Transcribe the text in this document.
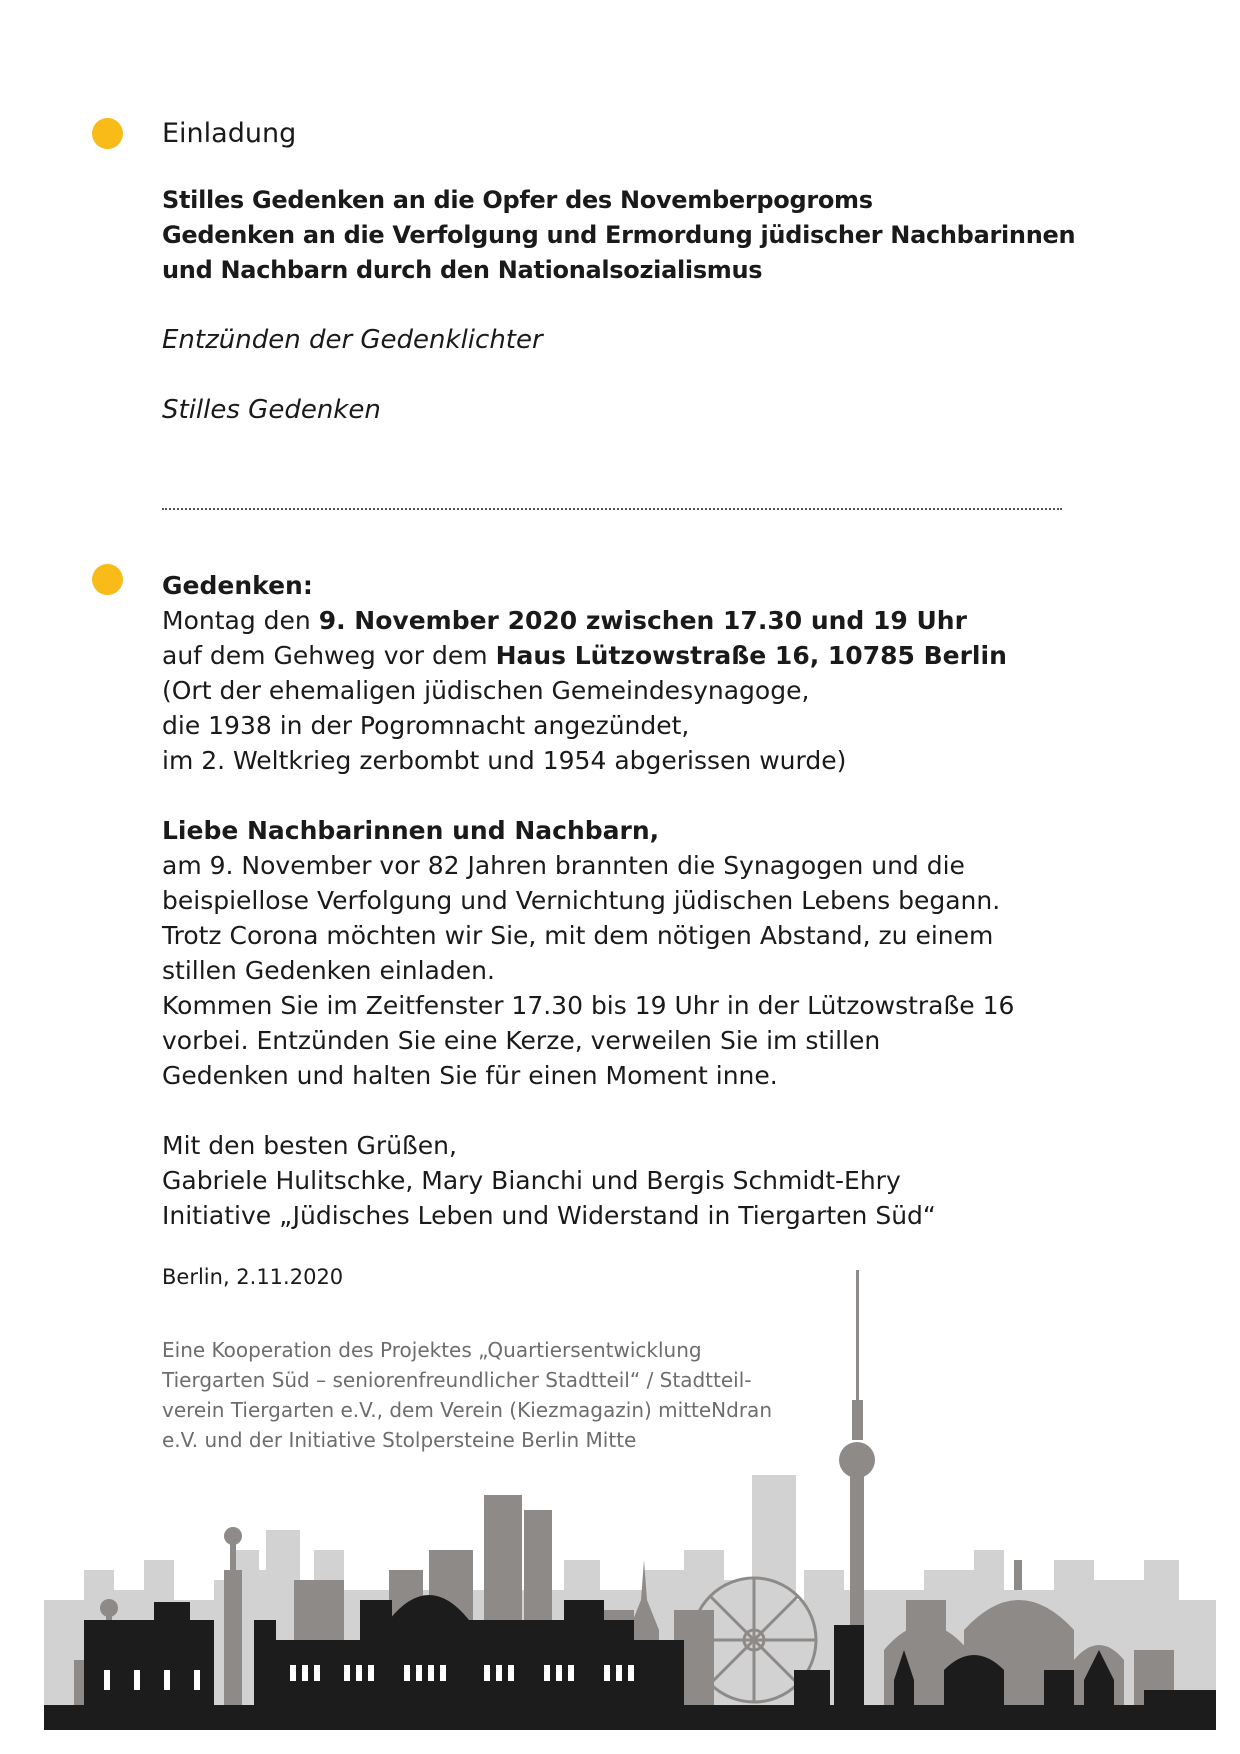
Einladung
Stilles Gedenken an die Opfer des Novemberpogroms
Gedenken an die Verfolgung und Ermordung jüdischer Nachbarinnen
und Nachbarn durch den Nationalsozialismus
Entzünden der Gedenklichter
Stilles Gedenken
Gedenken:
Montag den 9. November 2020 zwischen 17.30 und 19 Uhr
auf dem Gehweg vor dem Haus Lützowstraße 16, 10785 Berlin
(Ort der ehemaligen jüdischen Gemeindesynagoge,
die 1938 in der Pogromnacht angezündet,
im 2. Weltkrieg zerbombt und 1954 abgerissen wurde)
Liebe Nachbarinnen und Nachbarn,
am 9. November vor 82 Jahren brannten die Synagogen und die
beispiellose Verfolgung und Vernichtung jüdischen Lebens begann.
Trotz Corona möchten wir Sie, mit dem nötigen Abstand, zu einem
stillen Gedenken einladen.
Kommen Sie im Zeitfenster 17.30 bis 19 Uhr in der Lützowstraße 16
vorbei. Entzünden Sie eine Kerze, verweilen Sie im stillen
Gedenken und halten Sie für einen Moment inne.
Mit den besten Grüßen,
Gabriele Hulitschke, Mary Bianchi und Bergis Schmidt-Ehry
Initiative „Jüdisches Leben und Widerstand in Tiergarten Süd“
Berlin, 2.11.2020
Eine Kooperation des Projektes „Quartiersentwicklung
Tiergarten Süd – seniorenfreundlicher Stadtteil“ / Stadtteil-
verein Tiergarten e.V., dem Verein (Kiezmagazin) mitteNdran
e.V. und der Initiative Stolpersteine Berlin Mitte
